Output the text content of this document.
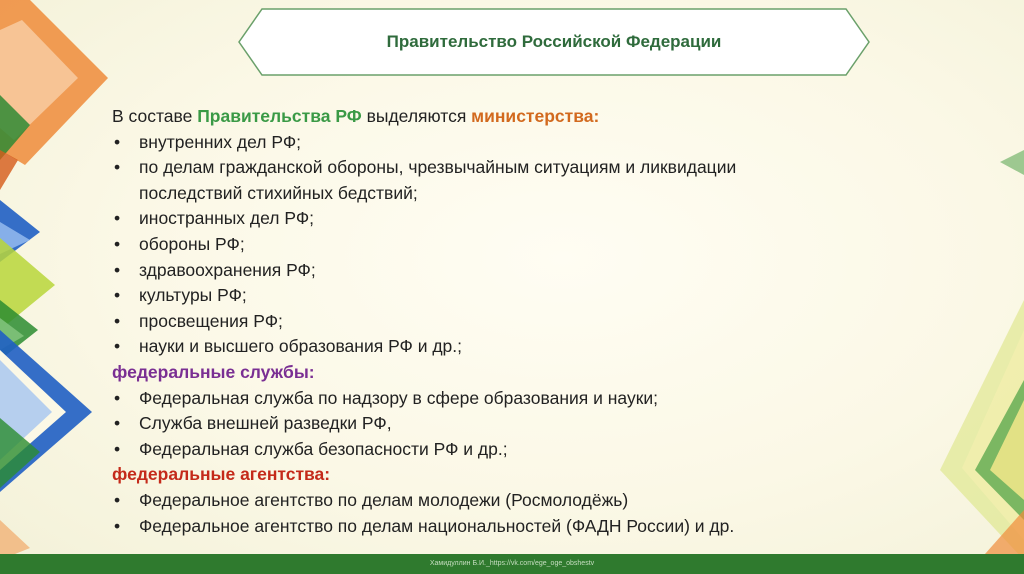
Правительство Российской Федерации
В составе Правительства РФ выделяются министерства:
• внутренних дел РФ;
• по делам гражданской обороны, чрезвычайным ситуациям и ликвидации
последствий стихийных бедствий;
• иностранных дел РФ;
• обороны РФ;
• здравоохранения РФ;
• культуры РФ;
• просвещения РФ;
• науки и высшего образования РФ и др.;
федеральные службы:
• Федеральная служба по надзору в сфере образования и науки;
• Служба внешней разведки РФ,
• Федеральная служба безопасности РФ и др.;
федеральные агентства:
• Федеральное агентство по делам молодежи (Росмолодёжь)
• Федеральное агентство по делам национальностей (ФАДН России) и др.
Хамидуллин Б.И._https://vk.com/ege_oge_obshestv
